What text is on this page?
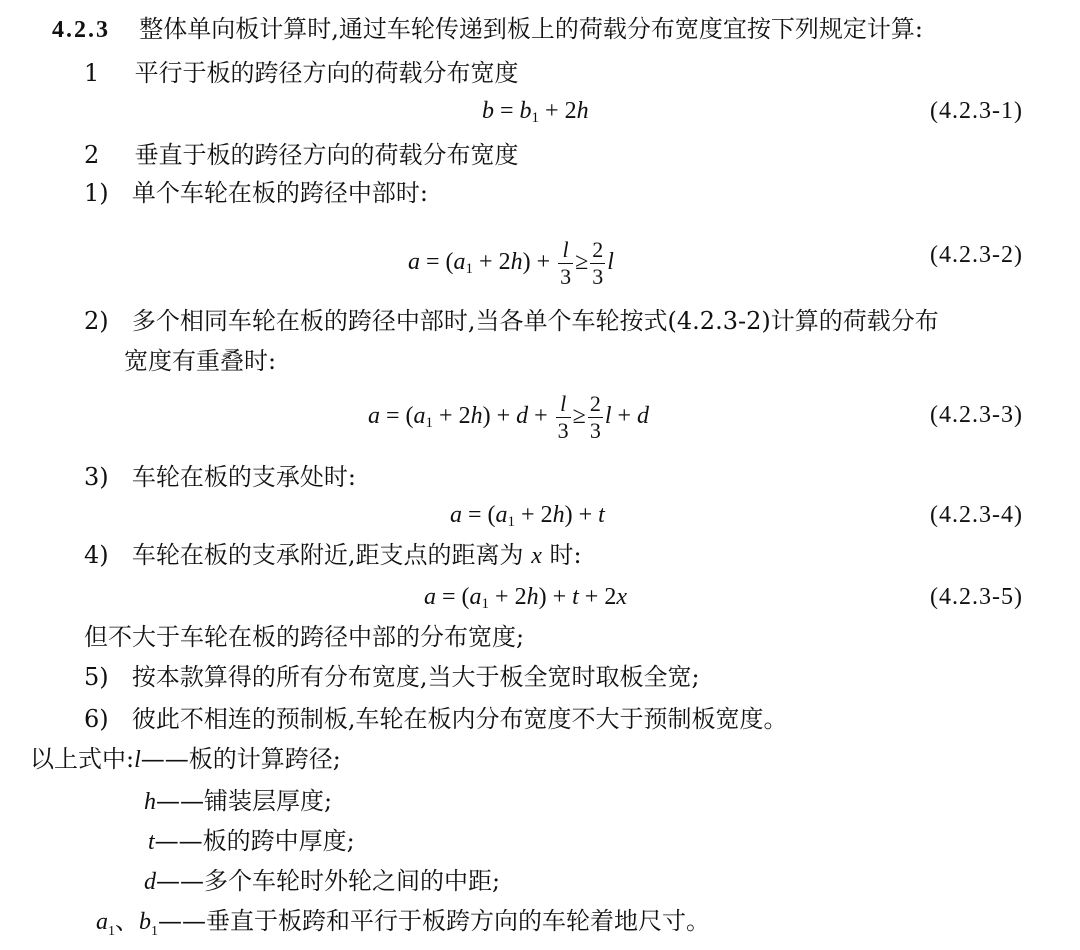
4.2.3 整体单向板计算时,通过车轮传递到板上的荷载分布宽度宜按下列规定计算:
1 平行于板的跨径方向的荷载分布宽度
$b = b_1 + 2h$	(4.2.3-1)
2 垂直于板的跨径方向的荷载分布宽度
1) 单个车轮在板的跨径中部时:
$a = (a_1 + 2h) + \frac{l}{3} \ge \frac{2}{3}$ l	(4.2.3-2)
2) 多个相同车轮在板的跨径中部时,当各单个车轮按式(4.2.3-2)计算的荷载分布
宽度有重叠时:
$a = (a_1 + 2h) + d + \frac{l}{3} \ge \frac{2}{3}$ l + d	(4.2.3-3)
3) 车轮在板的支承处时:
$a = (a_1 + 2h) + t$	(4.2.3-4)
4) 车轮在板的支承附近,距支点的距离为 x 时:
$a = (a_1 + 2h) + t + 2x$	(4.2.3-5)
但不大于车轮在板的跨径中部的分布宽度;
5) 按本款算得的所有分布宽度,当大于板全宽时取板全宽;
6) 彼此不相连的预制板,车轮在板内分布宽度不大于预制板宽度。
以上式中:l——板的计算跨径;
h——铺装层厚度;
t——板的跨中厚度;
d——多个车轮时外轮之间的中距;
$a_1$、$b_1——$垂直于板跨和平行于板跨方向的车轮着地尺寸。
